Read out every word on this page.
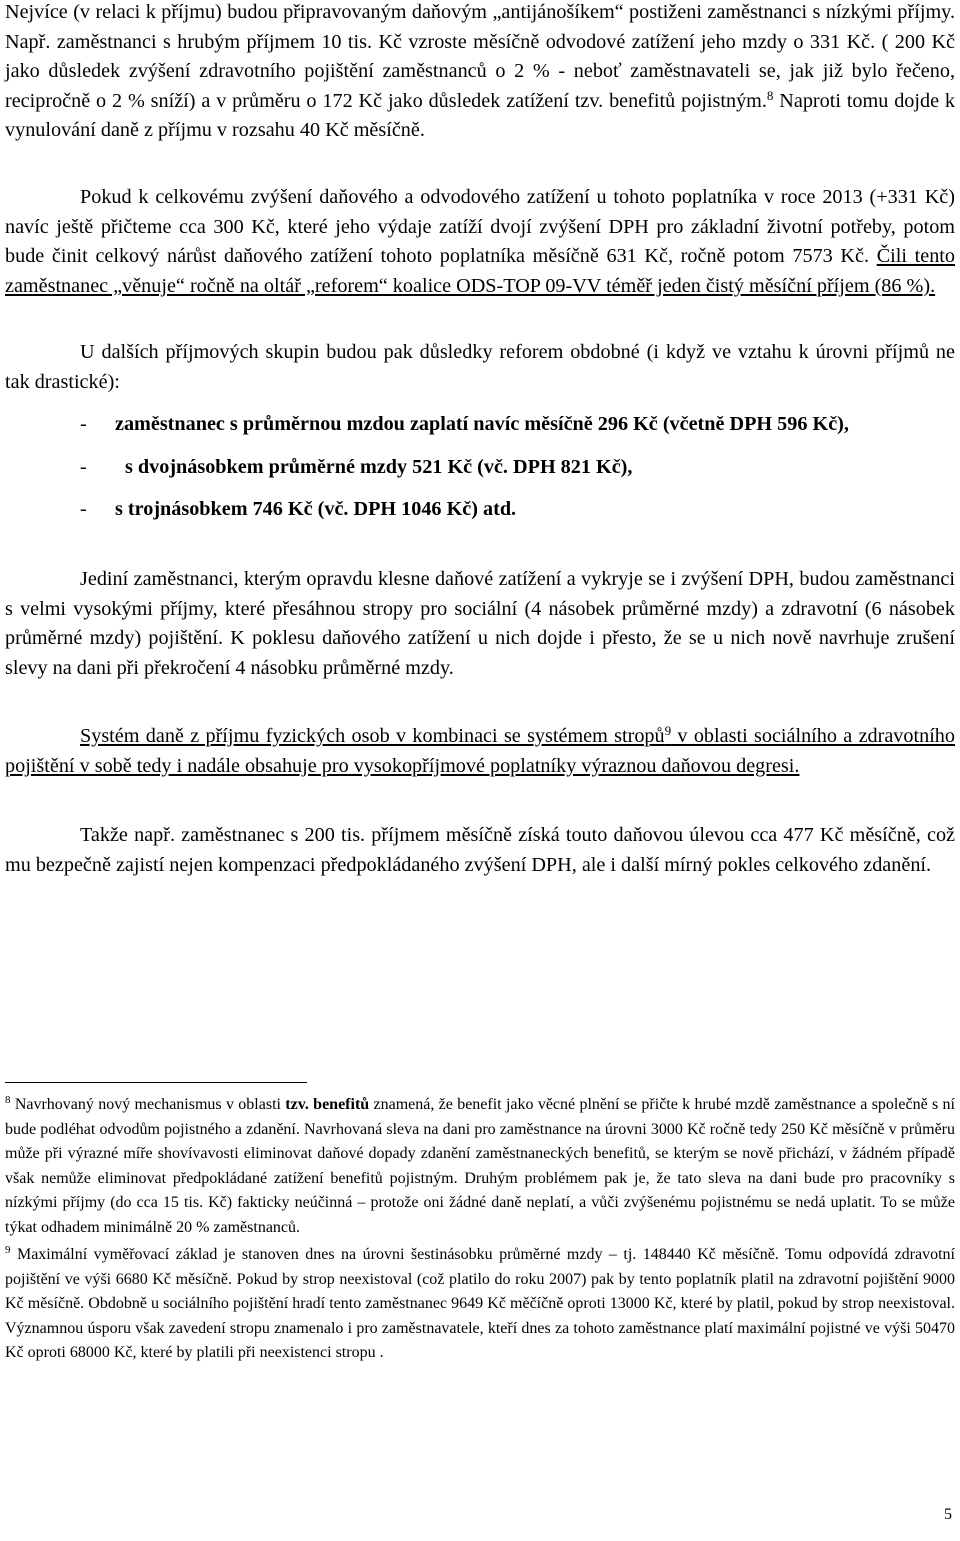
Nejvíce (v relaci k příjmu) budou připravovaným daňovým „antijánošíkem“ postiženi zaměstnanci s nízkými příjmy. Např. zaměstnanci s hrubým příjmem 10 tis. Kč vzroste měsíčně odvodové zatížení jeho mzdy o 331 Kč. ( 200 Kč jako důsledek zvýšení zdravotního pojištění zaměstnanců o 2 % - neboť zaměstnavateli se, jak již bylo řečeno, recipročně o 2 % sníží) a v průměru o 172 Kč jako důsledek zatížení tzv. benefitů pojistným.$^8$ Naproti tomu dojde k vynulování daně z příjmu v rozsahu 40 Kč měsíčně.

Pokud k celkovému zvýšení daňového a odvodového zatížení u tohoto poplatníka v roce 2013 (+331 Kč) navíc ještě přičteme cca 300 Kč, které jeho výdaje zatíží dvojí zvýšení DPH pro základní životní potřeby, potom bude činit celkový nárůst daňového zatížení tohoto poplatníka měsíčně 631 Kč, ročně potom 7573 Kč. Čili tento zaměstnanec „věnuje“ ročně na oltář „reforem“ koalice ODS-TOP 09-VV téměř jeden čistý měsíční příjem (86 %).

U dalších příjmových skupin budou pak důsledky reforem obdobné (i když ve vztahu k úrovni příjmů ne tak drastické):

- zaměstnanec s průměrnou mzdou zaplatí navíc měsíčně 296 Kč (včetně DPH 596 Kč),
- s dvojnásobkem průměrné mzdy 521 Kč (vč. DPH 821 Kč),
- s trojnásobkem 746 Kč (vč. DPH 1046 Kč) atd.

Jediní zaměstnanci, kterým opravdu klesne daňové zatížení a vykryje se i zvýšení DPH, budou zaměstnanci s velmi vysokými příjmy, které přesáhnou stropy pro sociální (4 násobek průměrné mzdy) a zdravotní (6 násobek průměrné mzdy) pojištění. K poklesu daňového zatížení u nich dojde i přesto, že se u nich nově navrhuje zrušení slevy na dani při překročení 4 násobku průměrné mzdy.

Systém daně z příjmu fyzických osob v kombinaci se systémem stropů$^9$ v oblasti sociálního a zdravotního pojištění v sobě tedy i nadále obsahuje pro vysokopříjmové poplatníky výraznou daňovou degresi.

Takže např. zaměstnanec s 200 tis. příjmem měsíčně získá touto daňovou úlevou cca 477 Kč měsíčně, což mu bezpečně zajistí nejen kompenzaci předpokládaného zvýšení DPH, ale i další mírný pokles celkového zdanění.

$^8$ Navrhovaný nový mechanismus v oblasti tzv. benefitů znamená, že benefit jako věcné plnění se přičte k hrubé mzdě zaměstnance a společně s ní bude podléhat odvodům pojistného a zdanění. Navrhovaná sleva na dani pro zaměstnance na úrovni 3000 Kč ročně tedy 250 Kč měsíčně v průměru může při výrazné míře shovívavosti eliminovat daňové dopady zdanění zaměstnaneckých benefitů, se kterým se nově přichází, v žádném případě však nemůže eliminovat předpokládané zatížení benefitů pojistným. Druhým problémem pak je, že tato sleva na dani bude pro pracovníky s nízkými příjmy (do cca 15 tis. Kč) fakticky neúčinná – protože oni žádné daně neplatí, a vůči zvýšenému pojistnému se nedá uplatit. To se může týkat odhadem minimálně 20 % zaměstnanců.

$^9$ Maximální vyměřovací základ je stanoven dnes na úrovni šestinásobku průměrné mzdy – tj. 148440 Kč měsíčně. Tomu odpovídá zdravotní pojištění ve výši 6680 Kč měsíčně. Pokud by strop neexistoval (což platilo do roku 2007) pak by tento poplatník platil na zdravotní pojištění 9000 Kč měsíčně. Obdobně u sociálního pojištění hradí tento zaměstnanec 9649 Kč měčíčně oproti 13000 Kč, které by platil, pokud by strop neexistoval. Významnou úsporu však zavedení stropu znamenalo i pro zaměstnavatele, kteří dnes za tohoto zaměstnance platí maximální pojistné ve výši 50470 Kč oproti 68000 Kč, které by platili při neexistenci stropu .

5
